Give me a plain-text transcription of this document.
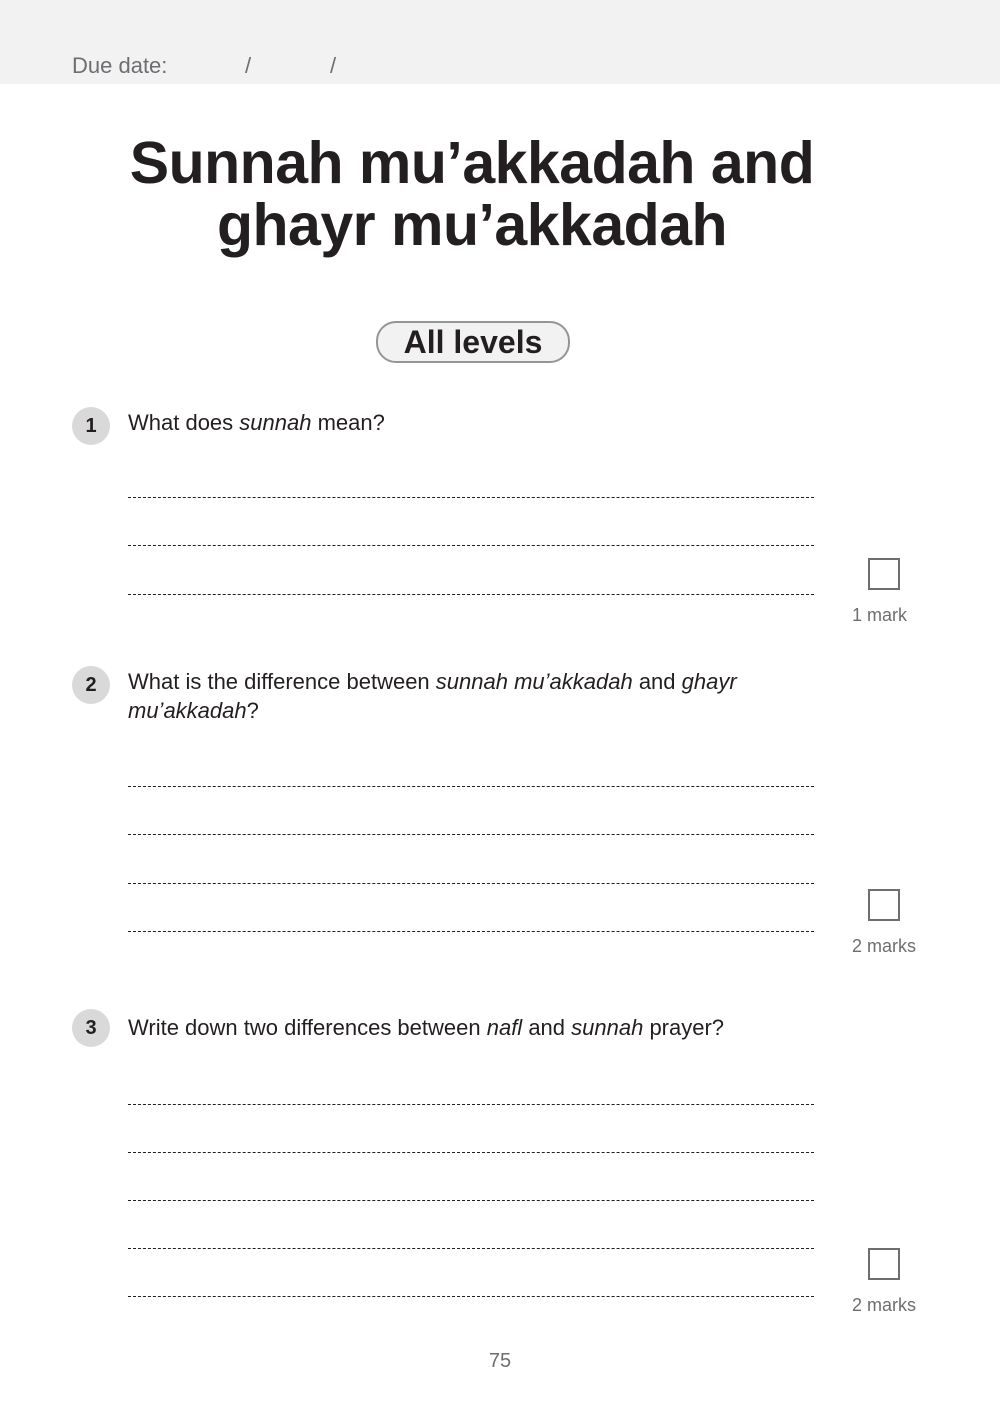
Due date:	/	/
Sunnah mu’akkadah and
ghayr mu’akkadah
All levels
1	What does sunnah mean?
1 mark
2	What is the difference between sunnah mu’akkadah and ghayr mu’akkadah?
2 marks
3	Write down two differences between nafl and sunnah prayer?
2 marks
75
